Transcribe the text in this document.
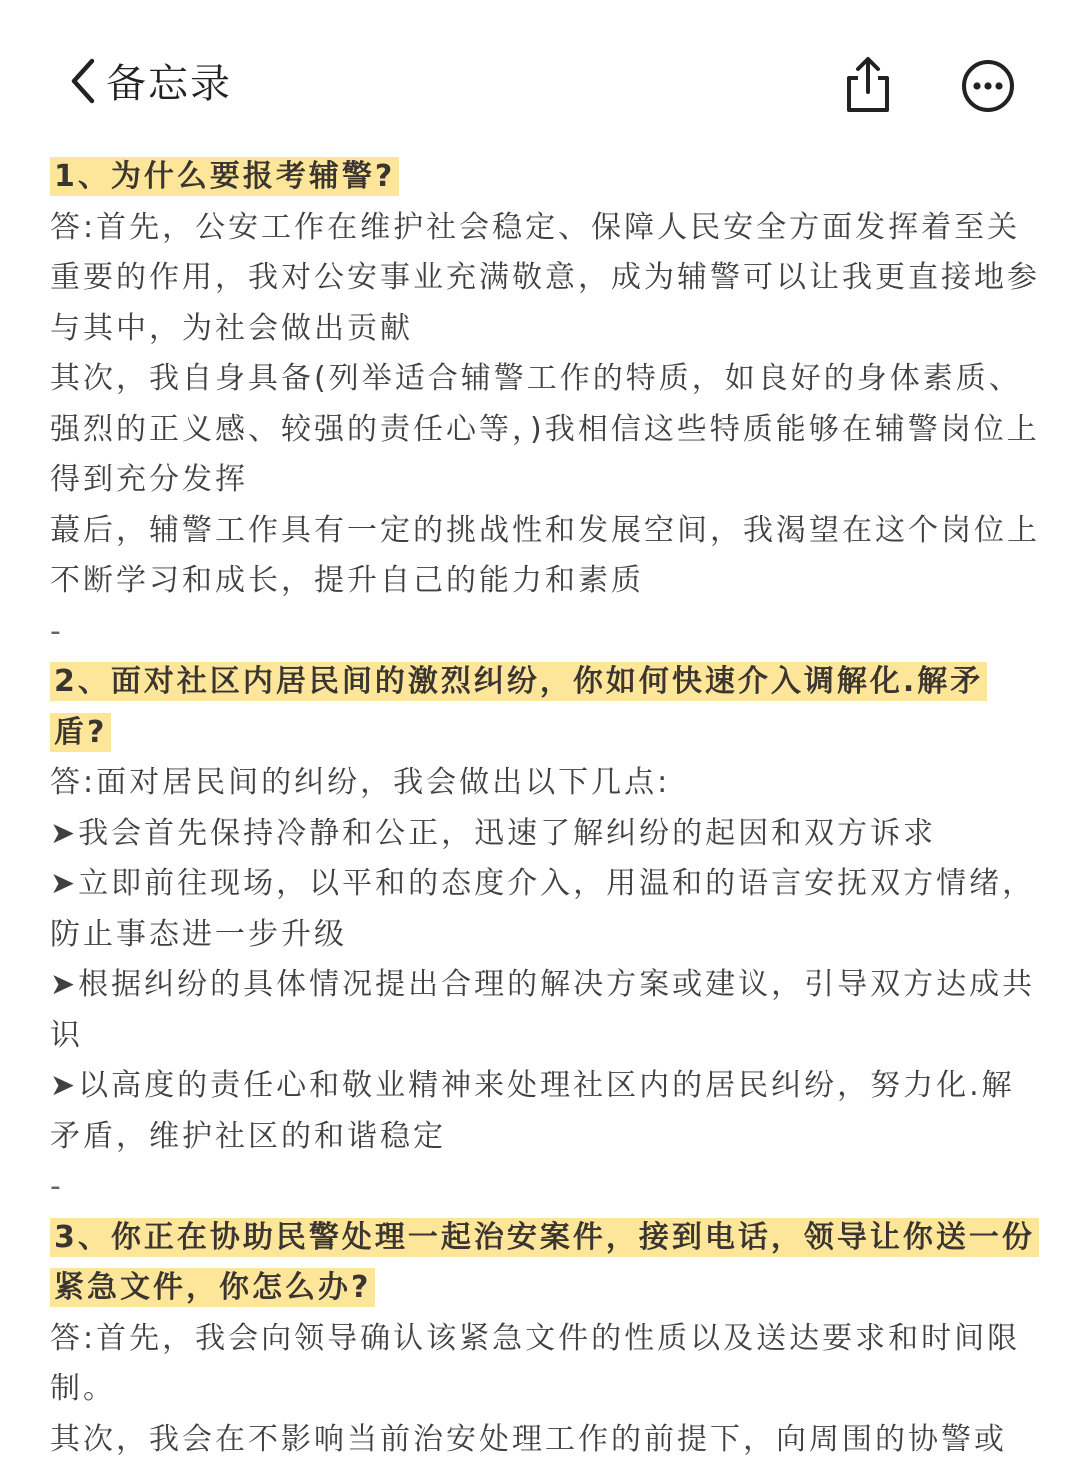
备忘录

1、为什么要报考辅警?

答:首先，公安工作在维护社会稳定、保障人民安全方面发挥着至关重要的作用，我对公安事业充满敬意，成为辅警可以让我更直接地参与其中，为社会做出贡献

其次，我自身具备(列举适合辅警工作的特质，如良好的身体素质、强烈的正义感、较强的责任心等，)我相信这些特质能够在辅警岗位上得到充分发挥

蕞后，辅警工作具有一定的挑战性和发展空间，我渴望在这个岗位上不断学习和成长，提升自己的能力和素质

-

2、面对社区内居民间的激烈纠纷，你如何快速介入调解化.解矛盾?

答:面对居民间的纠纷，我会做出以下几点:

➤我会首先保持冷静和公正，迅速了解纠纷的起因和双方诉求

➤立即前往现场，以平和的态度介入，用温和的语言安抚双方情绪，防止事态进一步升级

➤根据纠纷的具体情况提出合理的解决方案或建议，引导双方达成共识

➤以高度的责任心和敬业精神来处理社区内的居民纠纷，努力化.解矛盾，维护社区的和谐稳定

-

3、你正在协助民警处理一起治安案件，接到电话，领导让你送一份紧急文件，你怎么办?

答:首先，我会向领导确认该紧急文件的性质以及送达要求和时间限制。

其次，我会在不影响当前治安处理工作的前提下，向周围的协警或
